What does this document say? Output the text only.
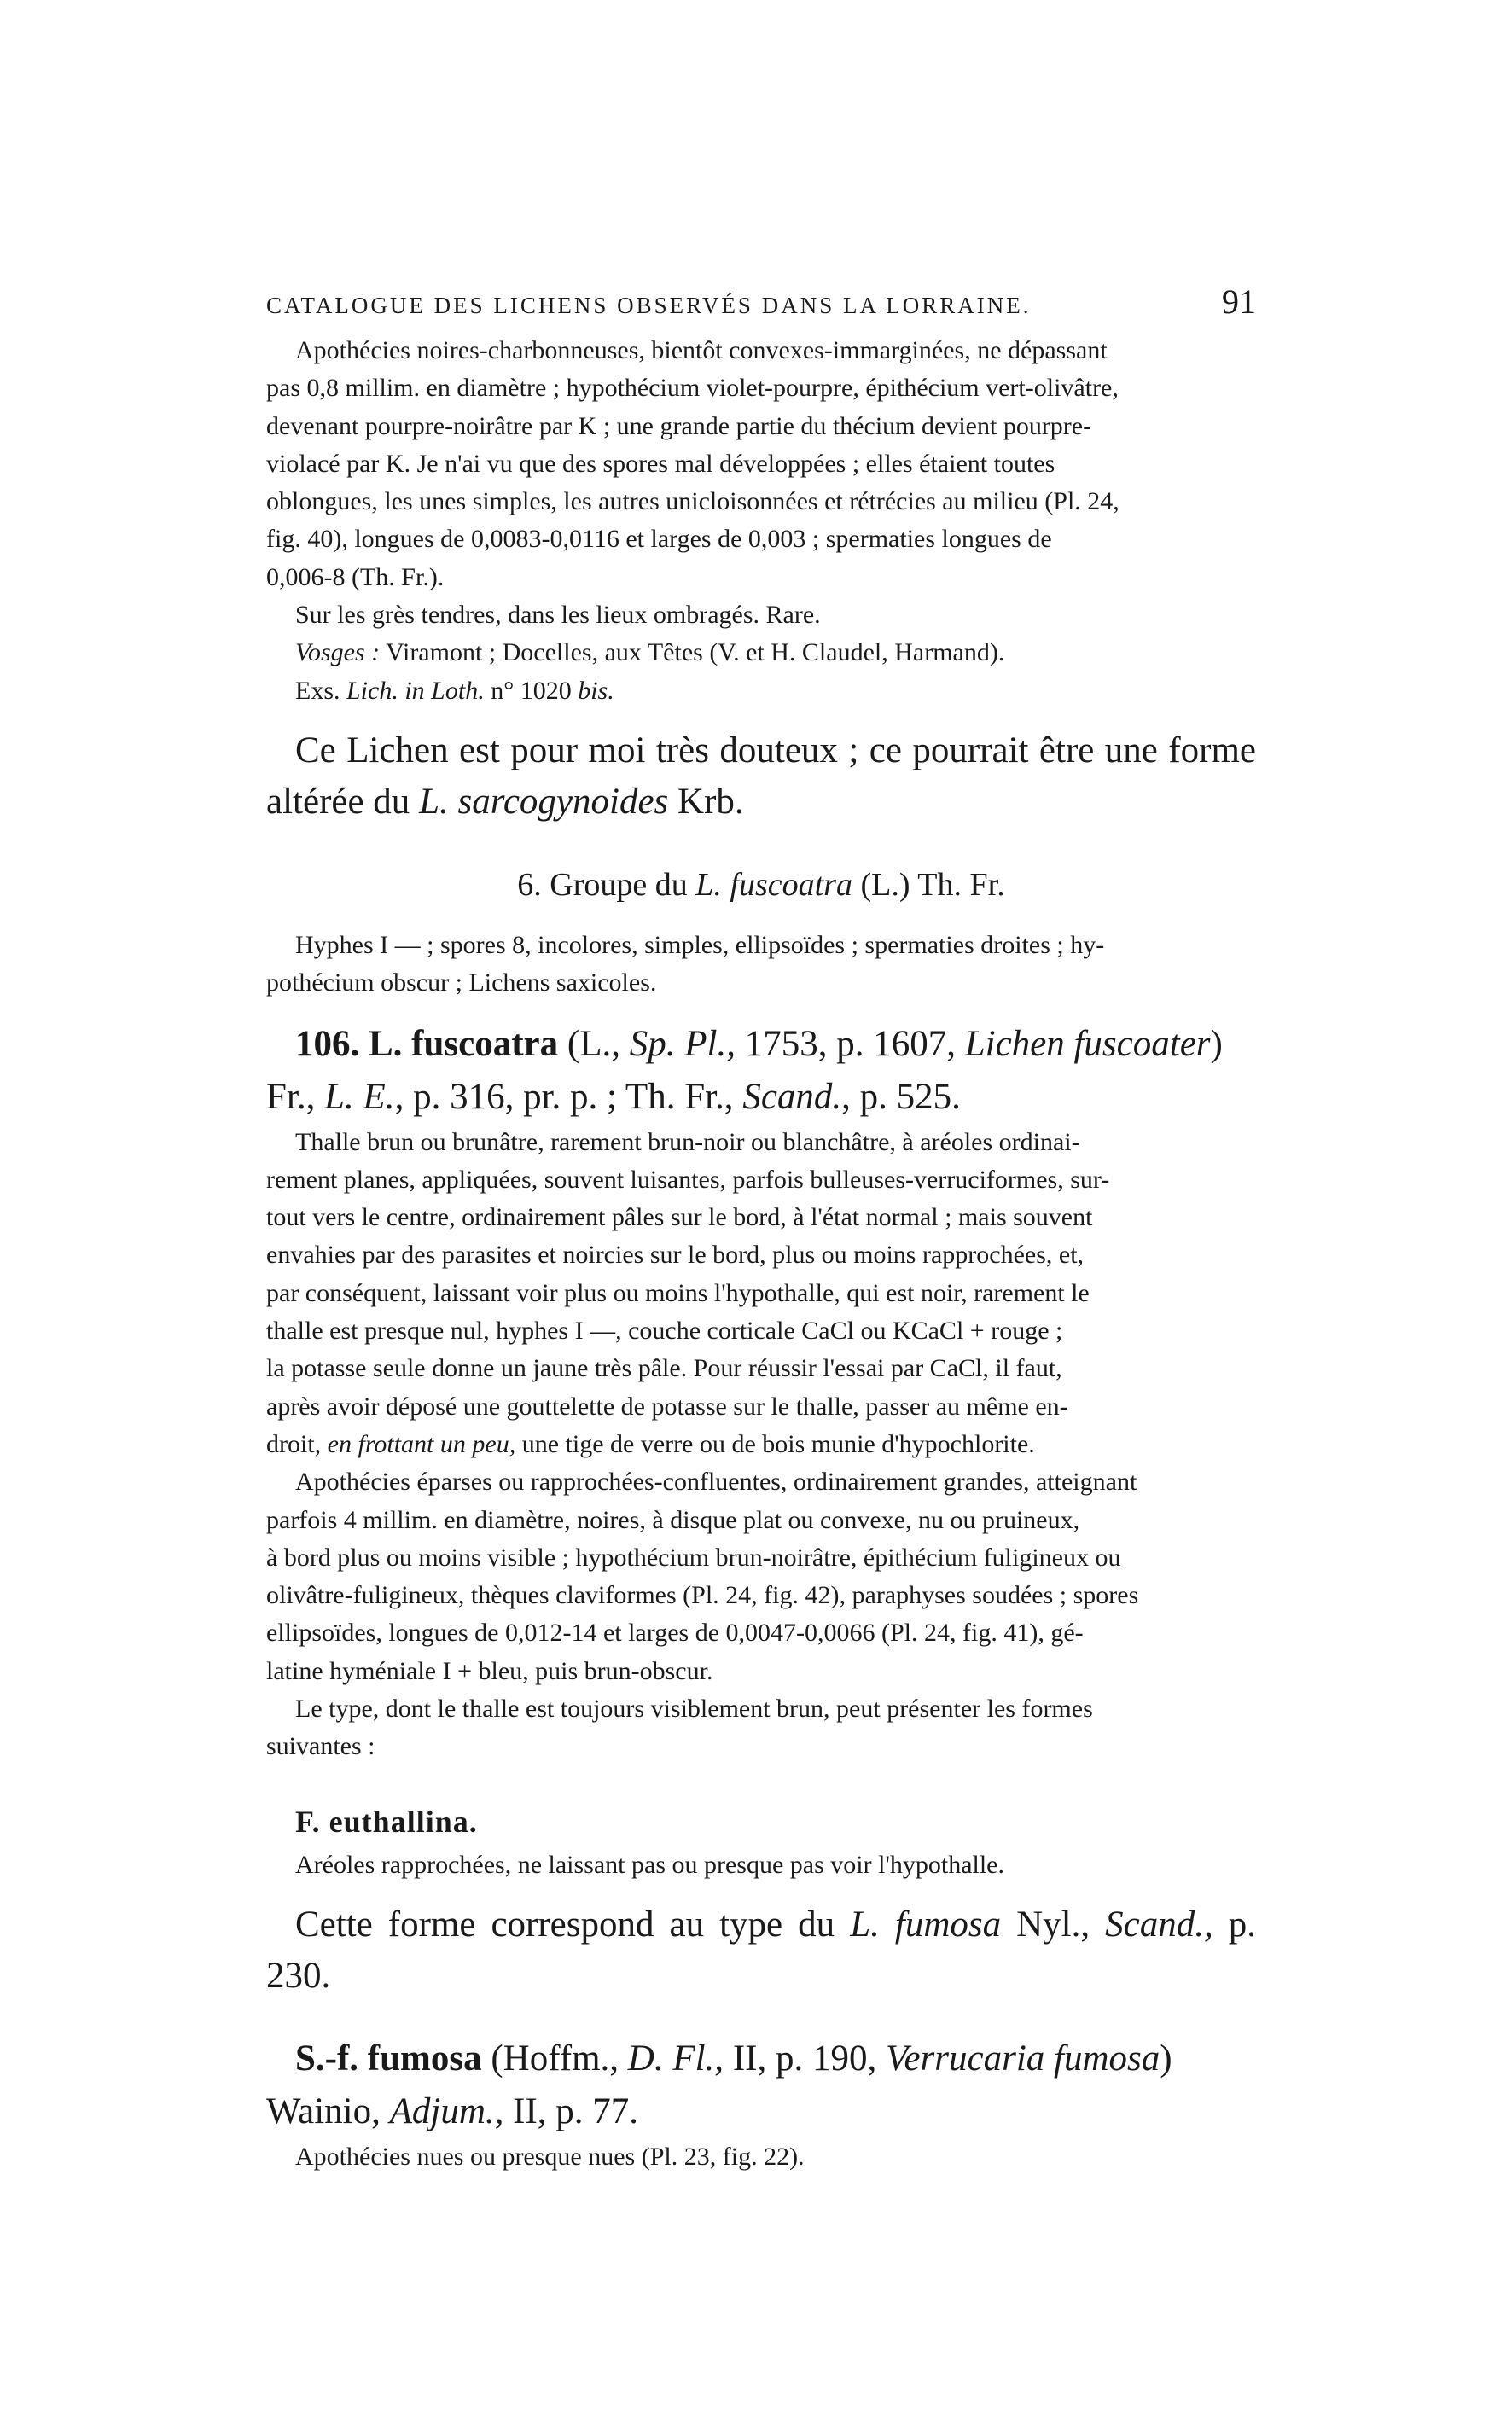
CATALOGUE DES LICHENS OBSERVÉS DANS LA LORRAINE.	91

Apothécies noires-charbonneuses, bientôt convexes-immarginées, ne dépassant

pas 0,8 millim. en diamètre ; hypothécium violet-pourpre, épithécium vert-olivâtre,

devenant pourpre-noirâtre par K ; une grande partie du thécium devient pourpre-

violacé par K. Je n'ai vu que des spores mal développées ; elles étaient toutes

oblongues, les unes simples, les autres uniclоisonnées et rétrécies au milieu (Pl. 24,

fig. 40), longues de 0,0083-0,0116 et larges de 0,003 ; spermaties longues de

0,006-8 (Th. Fr.).

Sur les grès tendres, dans les lieux ombragés. Rare.

Vosges : Viramont ; Docelles, aux Têtes (V. et H. Claudel, Harmand).

Exs. Lich. in Loth. n° 1020 bis.

Ce Lichen est pour moi très douteux ; ce pourrait être une forme altérée du L. sarcogynoides Krb.

6. Groupe du L. fuscoatra (L.) Th. Fr.

Hyphes I — ; spores 8, incolores, simples, ellipsoïdes ; spermaties droites ; hy-

pothécium obscur ; Lichens saxicoles.

106. L. fuscoatra (L., Sp. Pl., 1753, p. 1607, Lichen fuscoater)

Fr., L. E., p. 316, pr. p. ; Th. Fr., Scand., p. 525.

Thalle brun ou brunâtre, rarement brun-noir ou blanchâtre, à aréoles ordinai-

rement planes, appliquées, souvent luisantes, parfois bulleuses-verruciformes, sur-

tout vers le centre, ordinairement pâles sur le bord, à l'état normal ; mais souvent

envahies par des parasites et noircies sur le bord, plus ou moins rapprochées, et,

par conséquent, laissant voir plus ou moins l'hypothalle, qui est noir, rarement le

thalle est presque nul, hyphes I —, couche corticale CaCl ou KCaCl + rouge ;

la potasse seule donne un jaune très pâle. Pour réussir l'essai par CaCl, il faut,

après avoir déposé une gouttelette de potasse sur le thalle, passer au même en-

droit, en frottant un peu, une tige de verre ou de bois munie d'hypochlorite.

Apothécies éparses ou rapprochées-confluentes, ordinairement grandes, atteignant

parfois 4 millim. en diamètre, noires, à disque plat ou convexe, nu ou pruineux,

à bord plus ou moins visible ; hypothécium brun-noirâtre, épithécium fuligineux ou

olivâtre-fuligineux, thèques claviformes (Pl. 24, fig. 42), paraphyses soudées ; spores

ellipsoïdes, longues de 0,012-14 et larges de 0,0047-0,0066 (Pl. 24, fig. 41), gé-

latine hyméniale I + bleu, puis brun-obscur.

Le type, dont le thalle est toujours visiblement brun, peut présenter les formes

suivantes :

F. euthallina.

Aréoles rapprochées, ne laissant pas ou presque pas voir l'hypothalle.

Cette forme correspond au type du L. fumosa Nyl., Scand., p. 230.

S.-f. fumosa (Hoffm., D. Fl., II, p. 190, Verrucaria fumosa)

Wainio, Adjum., II, p. 77.

Apothécies nues ou presque nues (Pl. 23, fig. 22).
